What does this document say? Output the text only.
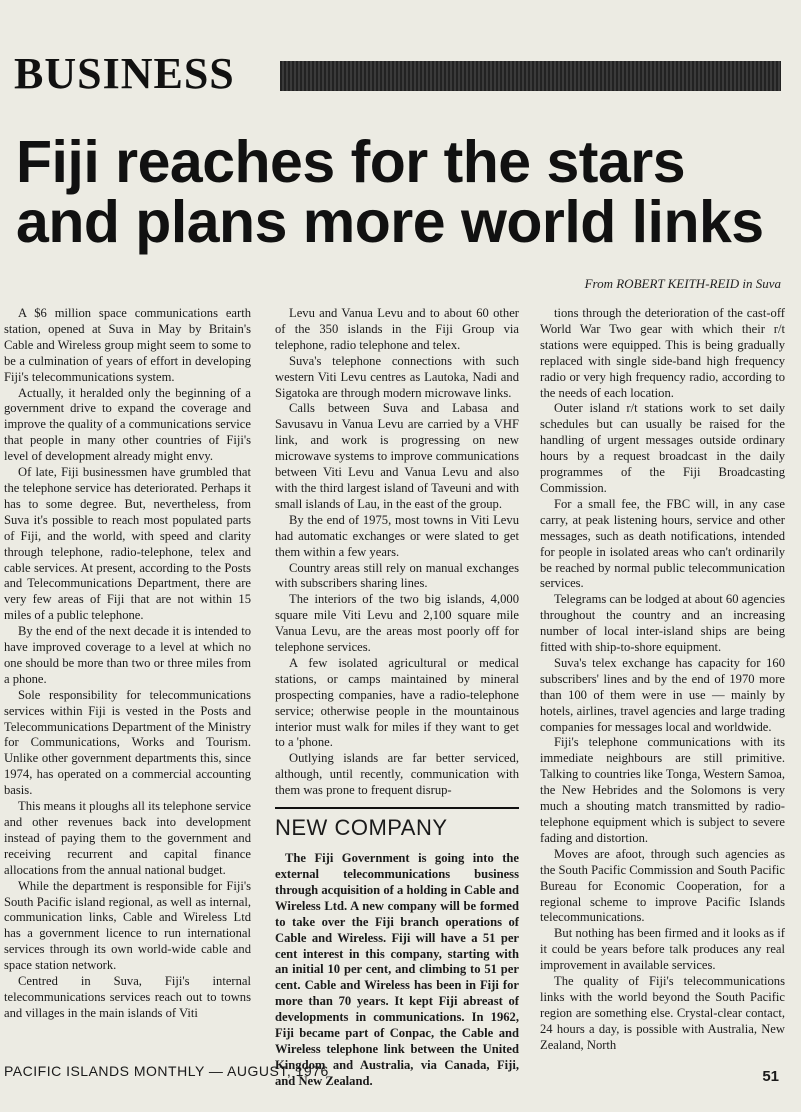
BUSINESS
Fiji reaches for the stars and plans more world links
From ROBERT KEITH-REID in Suva

A $6 million space communications earth station, opened at Suva in May by Britain's Cable and Wireless group might seem to some to be a culmination of years of effort in developing Fiji's telecommunications system.

Actually, it heralded only the beginning of a government drive to expand the coverage and improve the quality of a communications service that people in many other countries of Fiji's level of development already might envy.

Of late, Fiji businessmen have grumbled that the telephone service has deteriorated. Perhaps it has to some degree. But, nevertheless, from Suva it's possible to reach most populated parts of Fiji, and the world, with speed and clarity through telephone, radio-telephone, telex and cable services. At present, according to the Posts and Telecommunications Department, there are very few areas of Fiji that are not within 15 miles of a public telephone.

By the end of the next decade it is intended to have improved coverage to a level at which no one should be more than two or three miles from a phone.

Sole responsibility for telecommunications services within Fiji is vested in the Posts and Telecommunications Department of the Ministry for Communications, Works and Tourism. Unlike other government departments this, since 1974, has operated on a commercial accounting basis.

This means it ploughs all its telephone service and other revenues back into development instead of paying them to the government and receiving recurrent and capital finance allocations from the annual national budget.

While the department is responsible for Fiji's South Pacific island regional, as well as internal, communication links, Cable and Wireless Ltd has a government licence to run international services through its own world-wide cable and space station network.

Centred in Suva, Fiji's internal telecommunications services reach out to towns and villages in the main islands of Viti

Levu and Vanua Levu and to about 60 other of the 350 islands in the Fiji Group via telephone, radio telephone and telex.

Suva's telephone connections with such western Viti Levu centres as Lautoka, Nadi and Sigatoka are through modern microwave links.

Calls between Suva and Labasa and Savusavu in Vanua Levu are carried by a VHF link, and work is progressing on new microwave systems to improve communications between Viti Levu and Vanua Levu and also with the third largest island of Taveuni and with small islands of Lau, in the east of the group.

By the end of 1975, most towns in Viti Levu had automatic exchanges or were slated to get them within a few years.

Country areas still rely on manual exchanges with subscribers sharing lines.

The interiors of the two big islands, 4,000 square mile Viti Levu and 2,100 square mile Vanua Levu, are the areas most poorly off for telephone services.

A few isolated agricultural or medical stations, or camps maintained by mineral prospecting companies, have a radio-telephone service; otherwise people in the mountainous interior must walk for miles if they want to get to a 'phone.

Outlying islands are far better serviced, although, until recently, communication with them was prone to frequent disrup-

NEW COMPANY
The Fiji Government is going into the external telecommunications business through acquisition of a holding in Cable and Wireless Ltd. A new company will be formed to take over the Fiji branch operations of Cable and Wireless. Fiji will have a 51 per cent interest in this company, starting with an initial 10 per cent, and climbing to 51 per cent. Cable and Wireless has been in Fiji for more than 70 years. It kept Fiji abreast of developments in communications. In 1962, Fiji became part of Conpac, the Cable and Wireless telephone link between the United Kingdom and Australia, via Canada, Fiji, and New Zealand.

tions through the deterioration of the cast-off World War Two gear with which their r/t stations were equipped. This is being gradually replaced with single side-band high frequency radio or very high frequency radio, according to the needs of each location.

Outer island r/t stations work to set daily schedules but can usually be raised for the handling of urgent messages outside ordinary hours by a request broadcast in the daily programmes of the Fiji Broadcasting Commission.

For a small fee, the FBC will, in any case carry, at peak listening hours, service and other messages, such as death notifications, intended for people in isolated areas who can't ordinarily be reached by normal public telecommunication services.

Telegrams can be lodged at about 60 agencies throughout the country and an increasing number of local inter-island ships are being fitted with ship-to-shore equipment.

Suva's telex exchange has capacity for 160 subscribers' lines and by the end of 1970 more than 100 of them were in use — mainly by hotels, airlines, travel agencies and large trading companies for messages local and worldwide.

Fiji's telephone communications with its immediate neighbours are still primitive. Talking to countries like Tonga, Western Samoa, the New Hebrides and the Solomons is very much a shouting match transmitted by radio-telephone equipment which is subject to severe fading and distortion.

Moves are afoot, through such agencies as the South Pacific Commission and South Pacific Bureau for Economic Cooperation, for a regional scheme to improve Pacific Islands telecommunications.

But nothing has been firmed and it looks as if it could be years before talk produces any real improvement in available services.

The quality of Fiji's telecommunications links with the world beyond the South Pacific region are something else. Crystal-clear contact, 24 hours a day, is possible with Australia, New Zealand, North

PACIFIC ISLANDS MONTHLY — AUGUST, 1976	51
